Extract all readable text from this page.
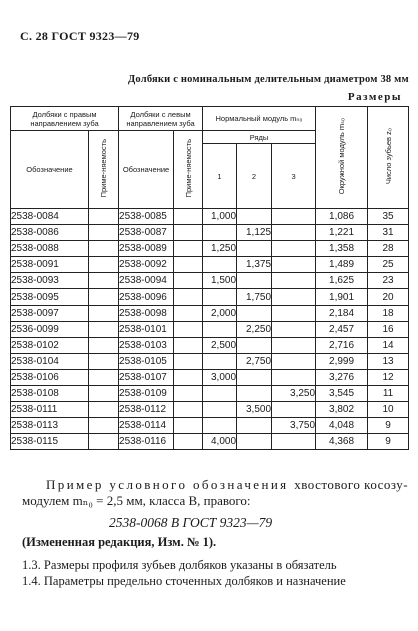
С. 28 ГОСТ 9323—79
Долбяки с номинальным делительным диаметром 38 мм
Размеры
Долбяки с правым направлением зуба		Долбяки с левым направлением зуба		Нормальный модуль mₙ₀			Окружной модуль mₛ₀	Число зубьев z₀
Обозначение	Приме-няемость	Обозначение	Приме-няемость	Ряды				
				1	2	3		
2538-0084		2538-0085		1,000			1,086	35
2538-0086		2538-0087			1,125		1,221	31
2538-0088		2538-0089		1,250			1,358	28
2538-0091		2538-0092			1,375		1,489	25
2538-0093		2538-0094		1,500			1,625	23
2538-0095		2538-0096			1,750		1,901	20
2538-0097		2538-0098		2,000			2,184	18
2536-0099		2538-0101			2,250		2,457	16
2538-0102		2538-0103		2,500			2,716	14
2538-0104		2538-0105			2,750		2,999	13
2538-0106		2538-0107		3,000			3,276	12
2538-0108		2538-0109				3,250	3,545	11
2538-0111		2538-0112			3,500		3,802	10
2538-0113		2538-0114				3,750	4,048	9
2538-0115		2538-0116		4,000			4,368	9
Пример условного обозначения хвостового косозу-
модулем mₙ₀ = 2,5 мм, класса В, правого:
2538-0068 В ГОСТ 9323—79
(Измененная редакция, Изм. № 1).
1.3. Размеры профиля зубьев долбяков указаны в обязатель
1.4. Параметры предельно сточенных долбяков и назначение
